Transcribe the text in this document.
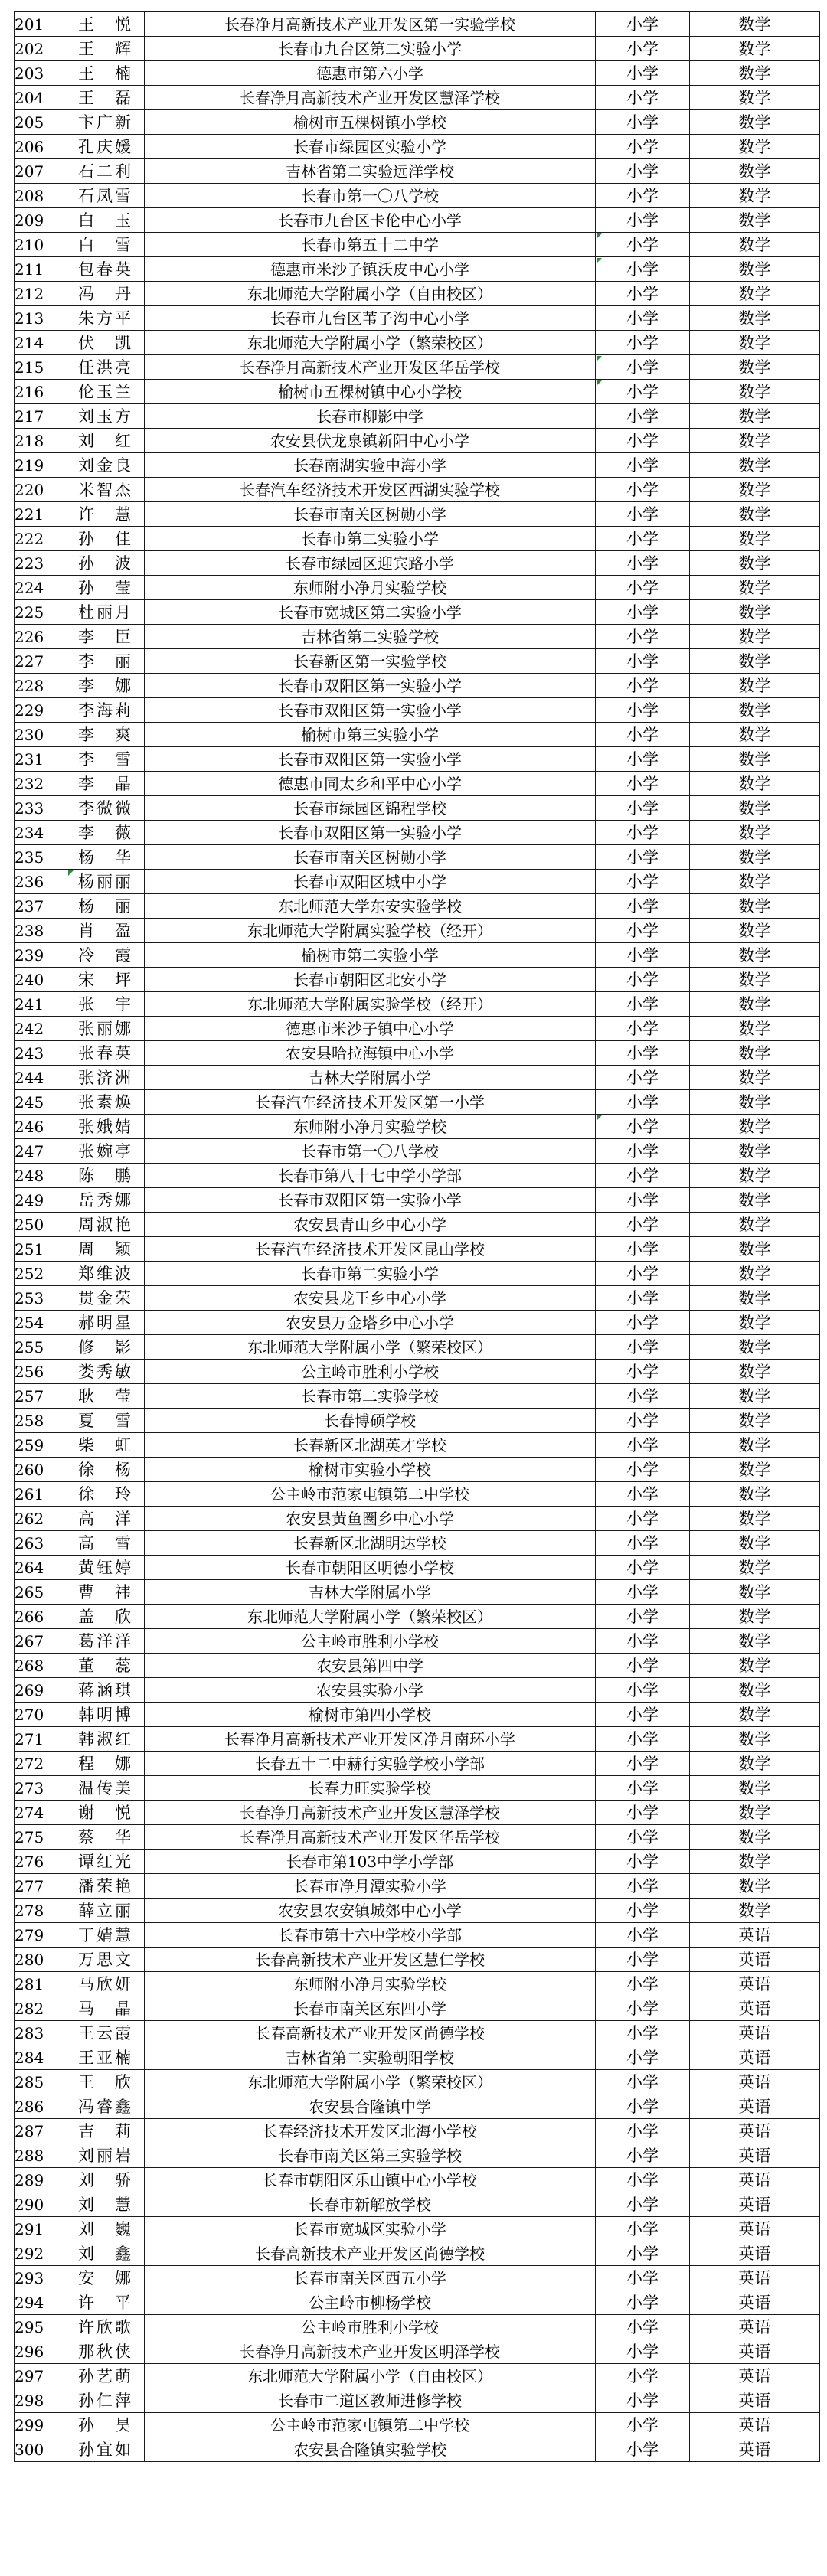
201	王　悦	长春净月高新技术产业开发区第一实验学校	小学	数学
202	王　辉	长春市九台区第二实验小学	小学	数学
203	王　楠	德惠市第六小学	小学	数学
204	王　磊	长春净月高新技术产业开发区慧泽学校	小学	数学
205	卞广新	榆树市五棵树镇小学校	小学	数学
206	孔庆媛	长春市绿园区实验小学	小学	数学
207	石二利	吉林省第二实验远洋学校	小学	数学
208	石凤雪	长春市第一〇八学校	小学	数学
209	白　玉	长春市九台区卡伦中心小学	小学	数学
210	白　雪	长春市第五十二中学	小学	数学
211	包春英	德惠市米沙子镇沃皮中心小学	小学	数学
212	冯　丹	东北师范大学附属小学（自由校区）	小学	数学
213	朱方平	长春市九台区苇子沟中心小学	小学	数学
214	伏　凯	东北师范大学附属小学（繁荣校区）	小学	数学
215	任洪亮	长春净月高新技术产业开发区华岳学校	小学	数学
216	伦玉兰	榆树市五棵树镇中心小学校	小学	数学
217	刘玉方	长春市柳影中学	小学	数学
218	刘　红	农安县伏龙泉镇新阳中心小学	小学	数学
219	刘金良	长春南湖实验中海小学	小学	数学
220	米智杰	长春汽车经济技术开发区西湖实验学校	小学	数学
221	许　慧	长春市南关区树勋小学	小学	数学
222	孙　佳	长春市第二实验小学	小学	数学
223	孙　波	长春市绿园区迎宾路小学	小学	数学
224	孙　莹	东师附小净月实验学校	小学	数学
225	杜丽月	长春市宽城区第二实验小学	小学	数学
226	李　臣	吉林省第二实验学校	小学	数学
227	李　丽	长春新区第一实验学校	小学	数学
228	李　娜	长春市双阳区第一实验小学	小学	数学
229	李海莉	长春市双阳区第一实验小学	小学	数学
230	李　爽	榆树市第三实验小学	小学	数学
231	李　雪	长春市双阳区第一实验小学	小学	数学
232	李　晶	德惠市同太乡和平中心小学	小学	数学
233	李微微	长春市绿园区锦程学校	小学	数学
234	李　薇	长春市双阳区第一实验小学	小学	数学
235	杨　华	长春市南关区树勋小学	小学	数学
236	杨丽丽	长春市双阳区城中小学	小学	数学
237	杨　丽	东北师范大学东安实验学校	小学	数学
238	肖　盈	东北师范大学附属实验学校（经开）	小学	数学
239	冷　霞	榆树市第二实验小学	小学	数学
240	宋　坪	长春市朝阳区北安小学	小学	数学
241	张　宇	东北师范大学附属实验学校（经开）	小学	数学
242	张丽娜	德惠市米沙子镇中心小学	小学	数学
243	张春英	农安县哈拉海镇中心小学	小学	数学
244	张济洲	吉林大学附属小学	小学	数学
245	张素焕	长春汽车经济技术开发区第一小学	小学	数学
246	张娥婧	东师附小净月实验学校	小学	数学
247	张婉亭	长春市第一〇八学校	小学	数学
248	陈　鹏	长春市第八十七中学小学部	小学	数学
249	岳秀娜	长春市双阳区第一实验小学	小学	数学
250	周淑艳	农安县青山乡中心小学	小学	数学
251	周　颖	长春汽车经济技术开发区昆山学校	小学	数学
252	郑维波	长春市第二实验小学	小学	数学
253	贯金荣	农安县龙王乡中心小学	小学	数学
254	郝明星	农安县万金塔乡中心小学	小学	数学
255	修　影	东北师范大学附属小学（繁荣校区）	小学	数学
256	娄秀敏	公主岭市胜利小学校	小学	数学
257	耿　莹	长春市第二实验学校	小学	数学
258	夏　雪	长春博硕学校	小学	数学
259	柴　虹	长春新区北湖英才学校	小学	数学
260	徐　杨	榆树市实验小学校	小学	数学
261	徐　玲	公主岭市范家屯镇第二中学校	小学	数学
262	高　洋	农安县黄鱼圈乡中心小学	小学	数学
263	高　雪	长春新区北湖明达学校	小学	数学
264	黄钰婷	长春市朝阳区明德小学校	小学	数学
265	曹　祎	吉林大学附属小学	小学	数学
266	盖　欣	东北师范大学附属小学（繁荣校区）	小学	数学
267	葛洋洋	公主岭市胜利小学校	小学	数学
268	董　蕊	农安县第四中学	小学	数学
269	蒋涵琪	农安县实验小学	小学	数学
270	韩明博	榆树市第四小学校	小学	数学
271	韩淑红	长春净月高新技术产业开发区净月南环小学	小学	数学
272	程　娜	长春五十二中赫行实验学校小学部	小学	数学
273	温传美	长春力旺实验学校	小学	数学
274	谢　悦	长春净月高新技术产业开发区慧泽学校	小学	数学
275	蔡　华	长春净月高新技术产业开发区华岳学校	小学	数学
276	谭红光	长春市第103中学小学部	小学	数学
277	潘荣艳	长春市净月潭实验小学	小学	数学
278	薛立丽	农安县农安镇城郊中心小学	小学	数学
279	丁婧慧	长春市第十六中学校小学部	小学	英语
280	万思文	长春高新技术产业开发区慧仁学校	小学	英语
281	马欣妍	东师附小净月实验学校	小学	英语
282	马　晶	长春市南关区东四小学	小学	英语
283	王云霞	长春高新技术产业开发区尚德学校	小学	英语
284	王亚楠	吉林省第二实验朝阳学校	小学	英语
285	王　欣	东北师范大学附属小学（繁荣校区）	小学	英语
286	冯睿鑫	农安县合隆镇中学	小学	英语
287	吉　莉	长春经济技术开发区北海小学校	小学	英语
288	刘丽岩	长春市南关区第三实验学校	小学	英语
289	刘　骄	长春市朝阳区乐山镇中心小学校	小学	英语
290	刘　慧	长春市新解放学校	小学	英语
291	刘　巍	长春市宽城区实验小学	小学	英语
292	刘　鑫	长春高新技术产业开发区尚德学校	小学	英语
293	安　娜	长春市南关区西五小学	小学	英语
294	许　平	公主岭市柳杨学校	小学	英语
295	许欣歌	公主岭市胜利小学校	小学	英语
296	那秋侠	长春净月高新技术产业开发区明泽学校	小学	英语
297	孙艺萌	东北师范大学附属小学（自由校区）	小学	英语
298	孙仁萍	长春市二道区教师进修学校	小学	英语
299	孙　昊	公主岭市范家屯镇第二中学校	小学	英语
300	孙宜如	农安县合隆镇实验学校	小学	英语
